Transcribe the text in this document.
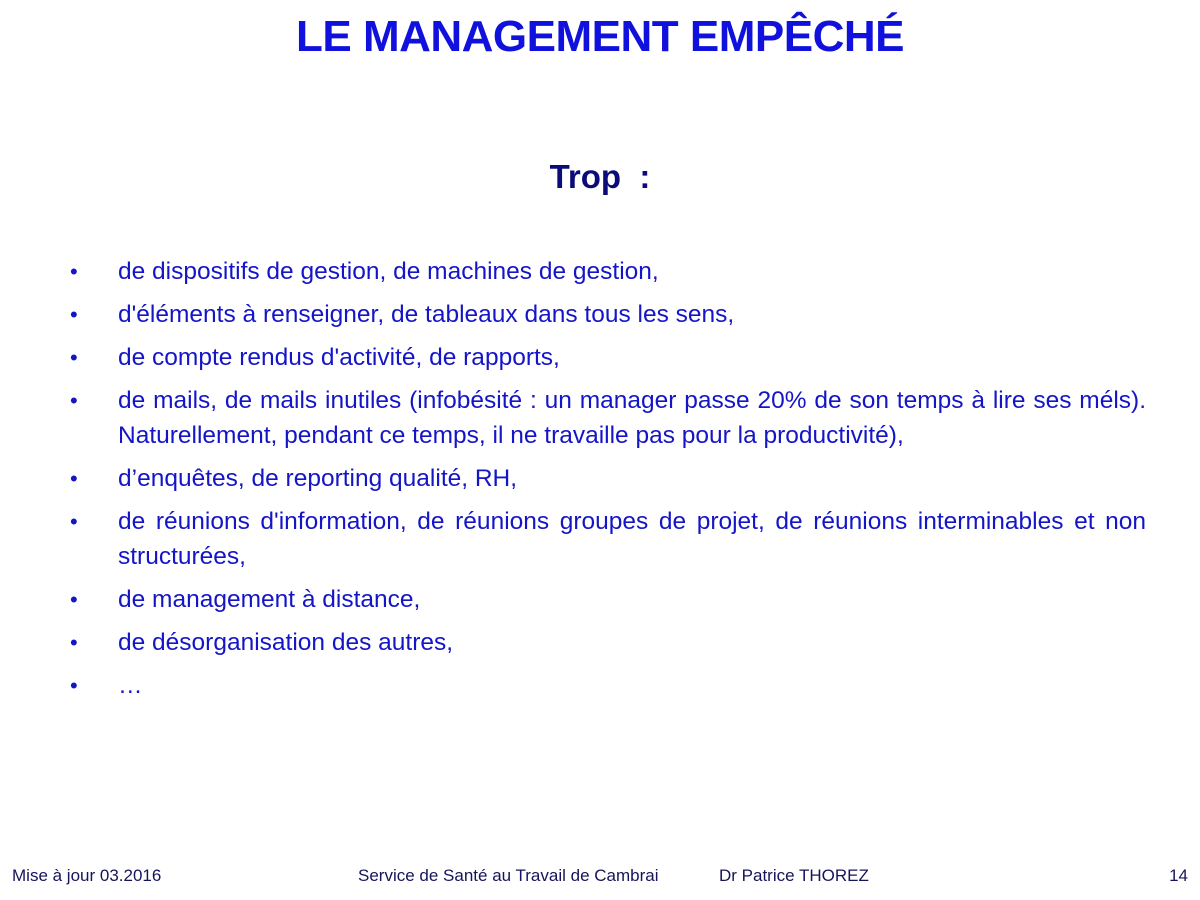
LE MANAGEMENT EMPÊCHÉ

Trop  :

• de dispositifs de gestion, de machines de gestion,
• d'éléments à renseigner, de tableaux dans tous les sens,
• de compte rendus d'activité, de rapports,
• de mails, de mails inutiles (infobésité : un manager passe 20% de son temps à lire ses méls). Naturellement, pendant ce temps, il ne travaille pas pour la productivité),
• d’enquêtes, de reporting qualité, RH,
• de réunions d'information, de réunions groupes de projet, de réunions interminables et non structurées,
• de management à distance,
• de désorganisation des autres,
• …

Mise à jour 03.2016	Service de Santé au Travail de Cambrai	Dr Patrice THOREZ	14
